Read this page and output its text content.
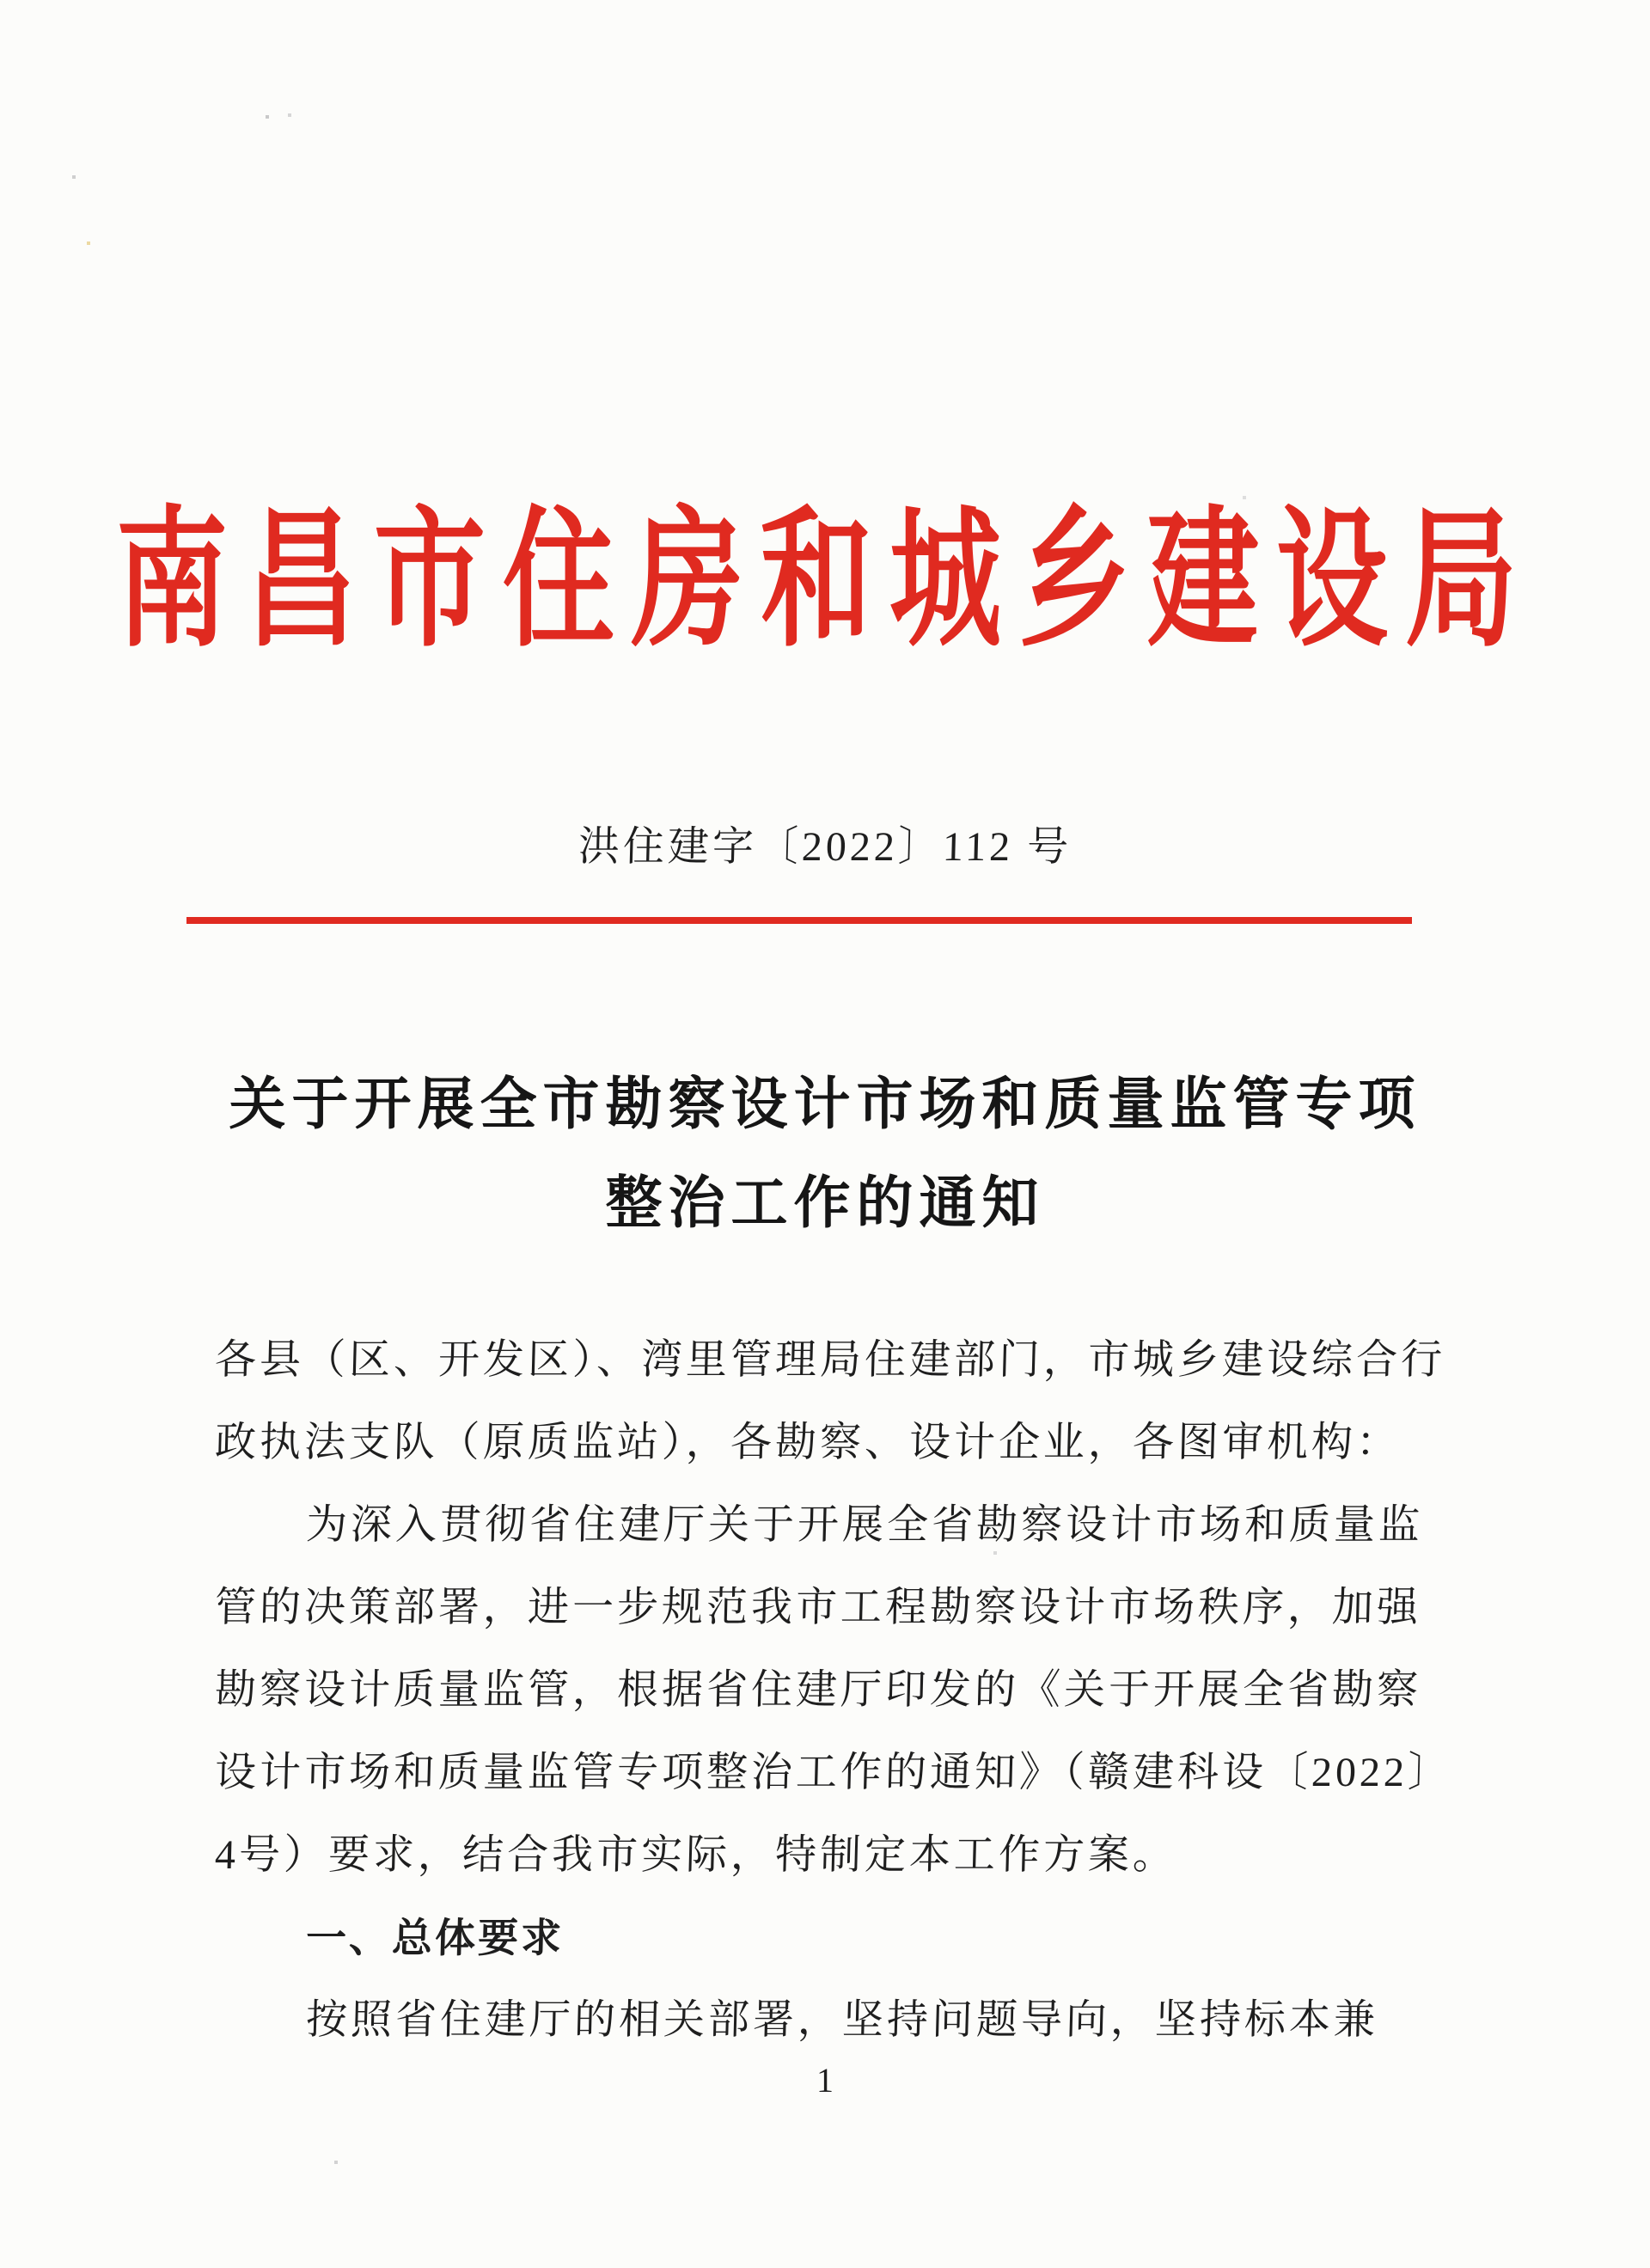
南昌市住房和城乡建设局
洪住建字〔2022〕112 号
关于开展全市勘察设计市场和质量监管专项
整治工作的通知
各县（区、开发区）、湾里管理局住建部门，市城乡建设综合行
政执法支队（原质监站），各勘察、设计企业，各图审机构：
为深入贯彻省住建厅关于开展全省勘察设计市场和质量监
管的决策部署，进一步规范我市工程勘察设计市场秩序，加强
勘察设计质量监管，根据省住建厅印发的《关于开展全省勘察
设计市场和质量监管专项整治工作的通知》（赣建科设〔2022〕
4号）要求，结合我市实际，特制定本工作方案。
一、总体要求
按照省住建厅的相关部署，坚持问题导向，坚持标本兼
1
